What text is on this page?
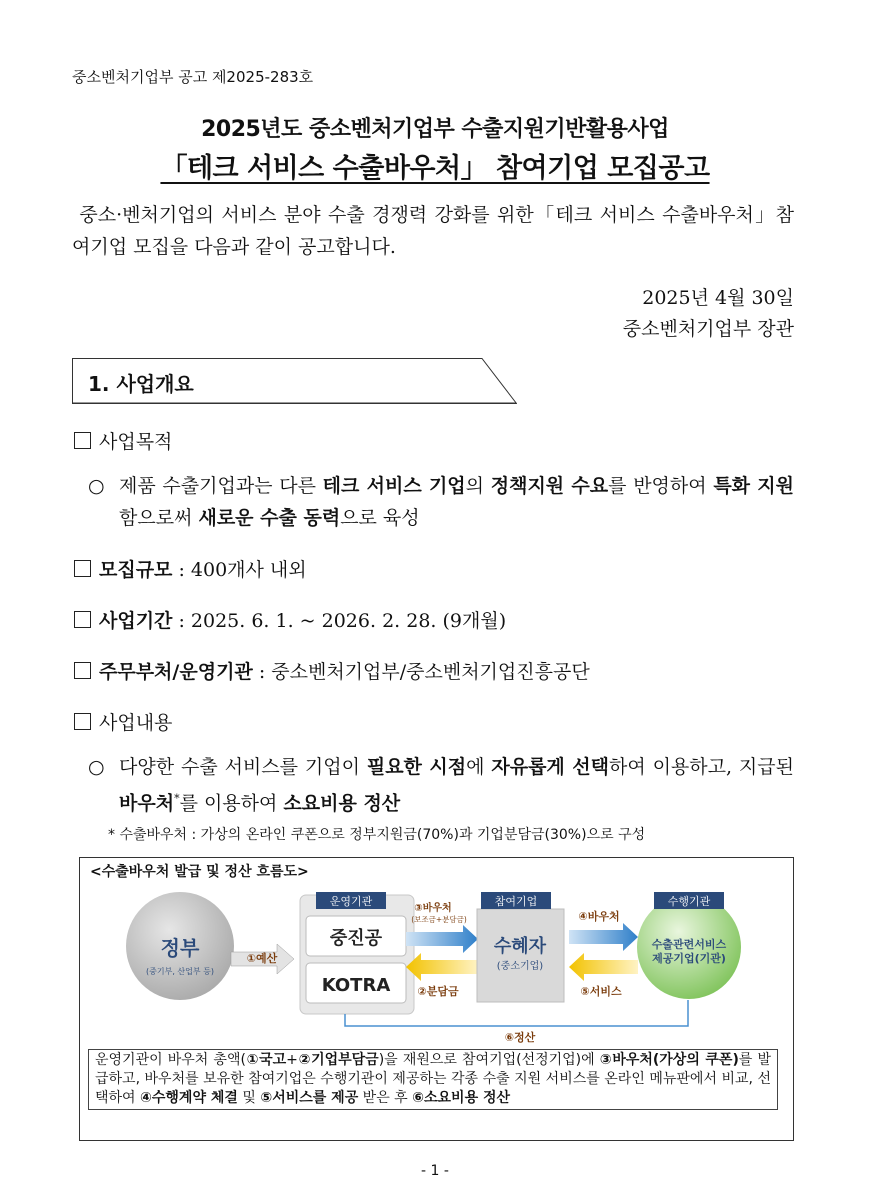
중소벤처기업부 공고 제2025-283호
2025년도 중소벤처기업부 수출지원기반활용사업
「테크 서비스 수출바우처」 참여기업 모집공고
중소·벤처기업의 서비스 분야 수출 경쟁력 강화를 위한「테크 서비스 수출바우처」참여기업 모집을 다음과 같이 공고합니다.
2025년 4월 30일
중소벤처기업부 장관
1. 사업개요
사업목적
○ 제품 수출기업과는 다른 테크 서비스 기업의 정책지원 수요를 반영하여 특화 지원함으로써 새로운 수출 동력으로 육성
모집규모 : 400개사 내외
사업기간 : 2025. 6. 1. ~ 2026. 2. 28. (9개월)
주무부처/운영기관 : 중소벤처기업부/중소벤처기업진흥공단
사업내용
○ 다양한 수출 서비스를 기업이 필요한 시점에 자유롭게 선택하여 이용하고, 지급된 바우처*를 이용하여 소요비용 정산
* 수출바우처 : 가상의 온라인 쿠폰으로 정부지원금(70%)과 기업분담금(30%)으로 구성
<수출바우처 발급 및 정산 흐름도>
정부
(중기부, 산업부 등)
①예산
운영기관
중진공
KOTRA
③바우처
(보조금+분담금)
②분담금
참여기업
수혜자
(중소기업)
④바우처
⑤서비스
수행기관
수출관련서비스
제공기업(기관)
⑥정산
운영기관이 바우처 총액(①국고+②기업부담금)을 재원으로 참여기업(선정기업)에 ③바우처(가상의 쿠폰)를 발급하고, 바우처를 보유한 참여기업은 수행기관이 제공하는 각종 수출 지원 서비스를 온라인 메뉴판에서 비교, 선택하여 ④수행계약 체결 및 ⑤서비스를 제공 받은 후 ⑥소요비용 정산
- 1 -
